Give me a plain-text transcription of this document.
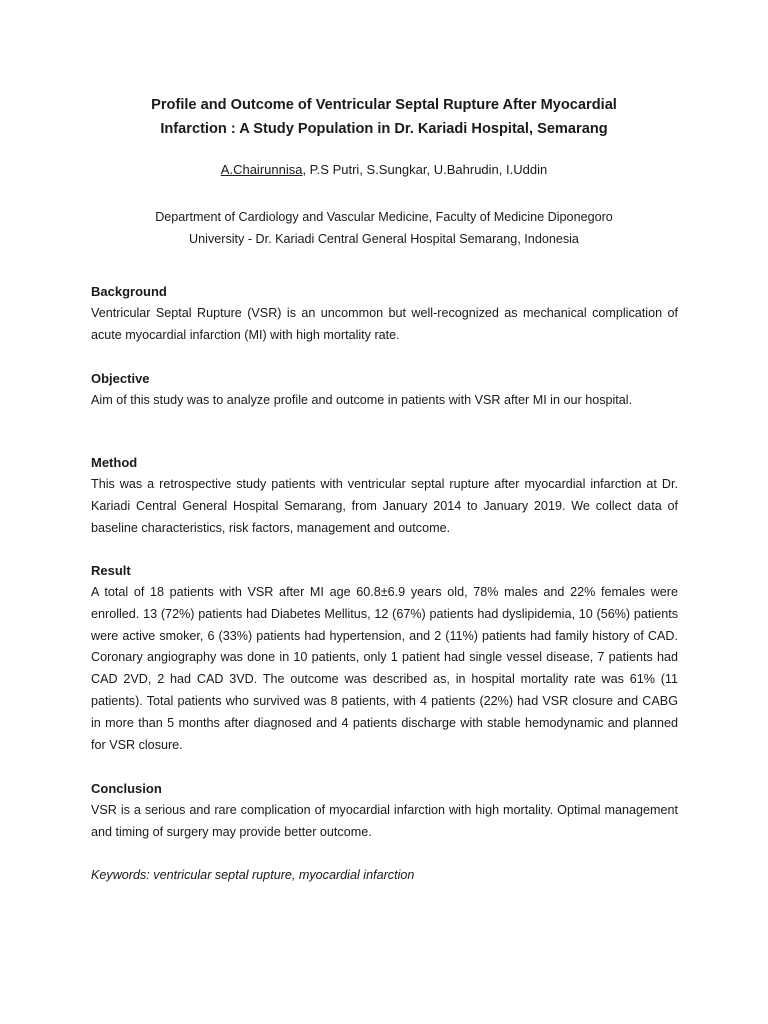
Profile and Outcome of Ventricular Septal Rupture After Myocardial
Infarction : A Study Population in Dr. Kariadi Hospital, Semarang
A.Chairunnisa, P.S Putri, S.Sungkar, U.Bahrudin, I.Uddin
Department of Cardiology and Vascular Medicine, Faculty of Medicine Diponegoro
University - Dr. Kariadi Central General Hospital Semarang, Indonesia
Background

Ventricular Septal Rupture (VSR) is an uncommon but well-recognized as mechanical complication of acute myocardial infarction (MI) with high mortality rate.

Objective

Aim of this study was to analyze profile and outcome in patients with VSR after MI in our hospital.

Method

This was a retrospective study patients with ventricular septal rupture after myocardial infarction at Dr. Kariadi Central General Hospital Semarang, from January 2014 to January 2019. We collect data of baseline characteristics, risk factors, management and outcome.

Result

A total of 18 patients with VSR after MI age 60.8±6.9 years old, 78% males and 22% females were enrolled. 13 (72%) patients had Diabetes Mellitus, 12 (67%) patients had dyslipidemia, 10 (56%) patients were active smoker, 6 (33%) patients had hypertension, and 2 (11%) patients had family history of CAD. Coronary angiography was done in 10 patients, only 1 patient had single vessel disease, 7 patients had CAD 2VD, 2 had CAD 3VD. The outcome was described as, in hospital mortality rate was 61% (11 patients). Total patients who survived was 8 patients, with 4 patients (22%) had VSR closure and CABG in more than 5 months after diagnosed and 4 patients discharge with stable hemodynamic and planned for VSR closure.

Conclusion

VSR is a serious and rare complication of myocardial infarction with high mortality. Optimal management and timing of surgery may provide better outcome.

Keywords: ventricular septal rupture, myocardial infarction
